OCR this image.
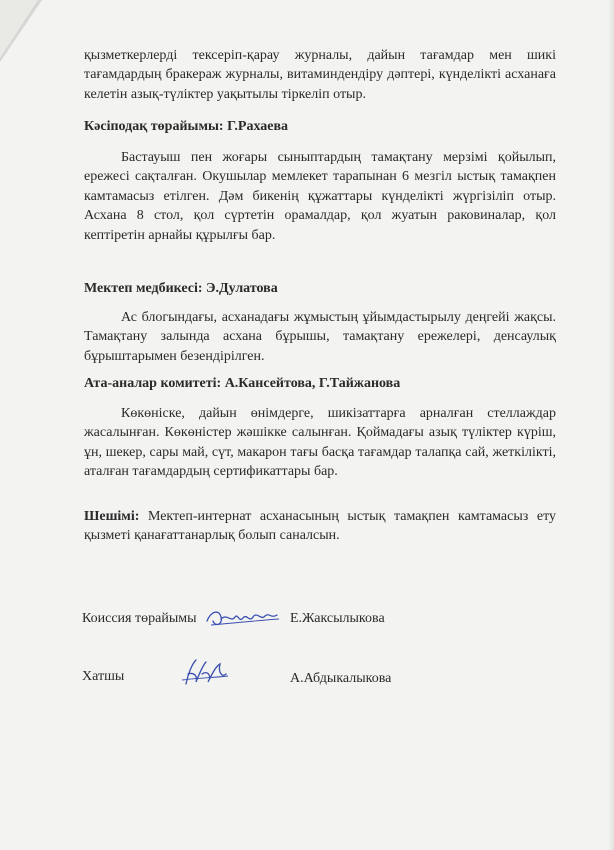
қызметкерлерді тексеріп-қарау журналы, дайын тағамдар мен шикі тағамдардың бракераж журналы, витаминдендіру дәптері, күнделікті асханаға келетін азық-түліктер уақытылы тіркеліп отыр.

Кәсіподақ төрайымы: Г.Рахаева

Бастауыш пен жоғары сыныптардың тамақтану мерзімі қойылып, ережесі сақталған. Окушылар мемлекет тарапынан 6 мезгіл ыстық тамақпен камтамасыз етілген. Дәм бикенің құжаттары күнделікті жүргізіліп отыр. Асхана 8 стол, қол сүртетін орамалдар, қол жуатын раковиналар, қол кептіретін арнайы құрылғы бар.

Мектеп медбикесі: Э.Дулатова

Ас блогындағы, асханадағы жұмыстың ұйымдастырылу деңгейі жақсы. Тамақтану залында асхана бұрышы, тамақтану ережелері, денсаулық бұрыштарымен безендірілген.

Ата-аналар комитеті: А.Кансейтова, Г.Тайжанова

Көкөніске, дайын өнімдерге, шикізаттарға арналған стеллаждар жасалынған. Көкөністер жәшікке салынған. Қоймадағы азық түліктер күріш, ұн, шекер, сары май, сүт, макарон тағы басқа тағамдар талапқа сай, жеткілікті, аталған тағамдардың сертификаттары бар.

Шешімі: Мектеп-интернат асханасының ыстық тамақпен камтамасыз ету қызметі қанағаттанарлық болып саналсын.

Коиссия төрайымы	Е.Жаксылыкова
Хатшы	А.Абдыкалыкова
